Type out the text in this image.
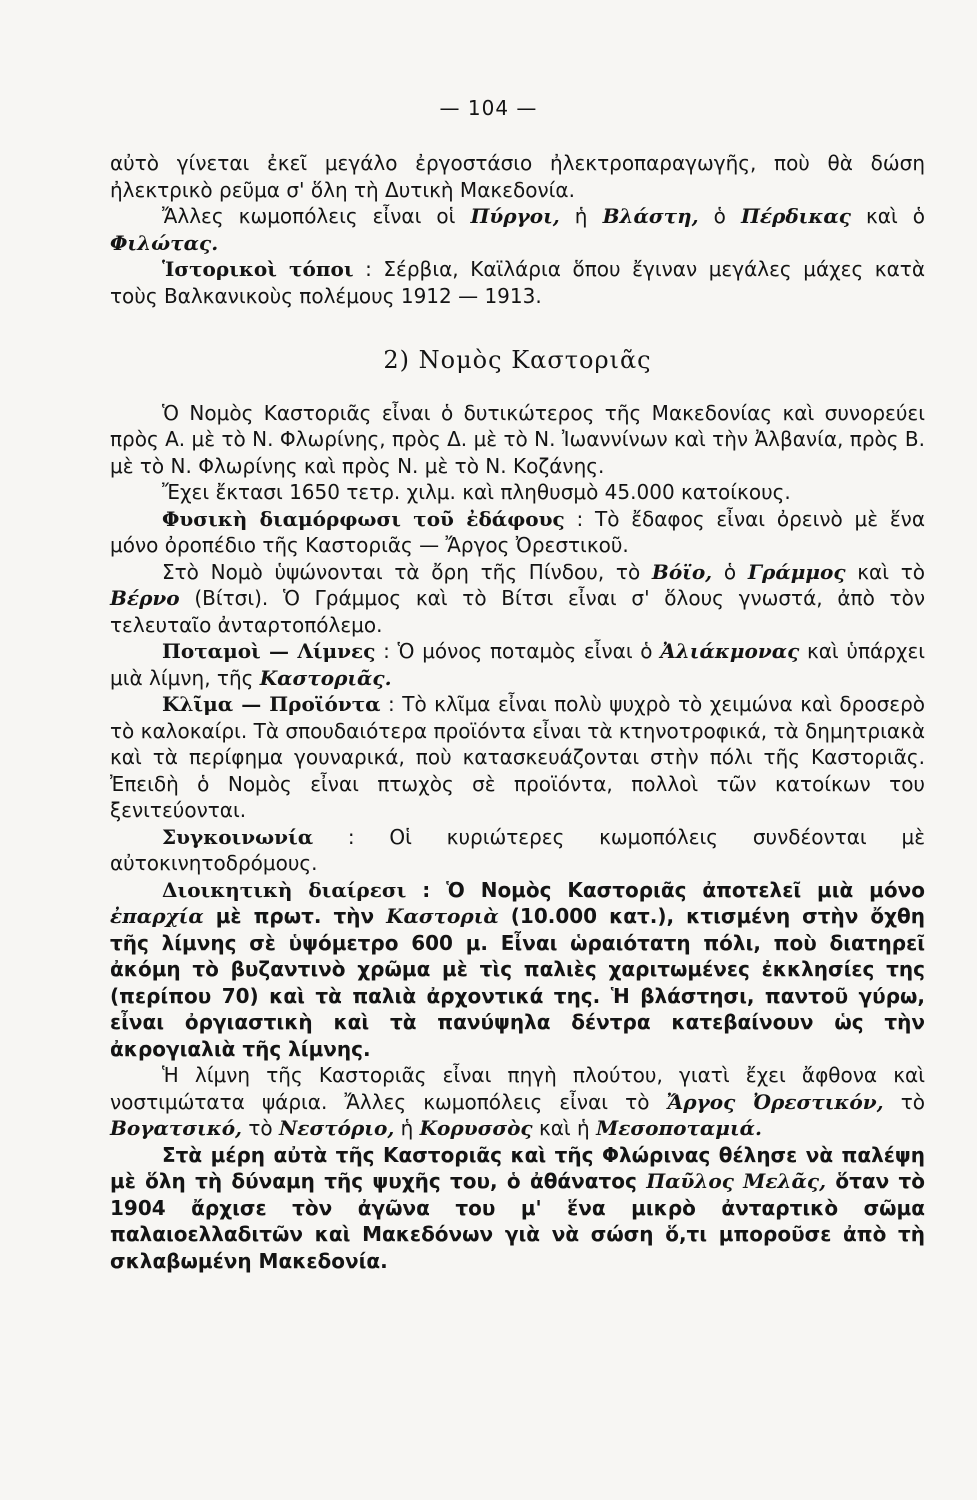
— 104 —

αὐτὸ γίνεται ἐκεῖ μεγάλο ἐργοστάσιο ἠλεκτροπαραγωγῆς, ποὺ θὰ δώση ἠλεκτρικὸ ρεῦμα σ' ὅλη τὴ Δυτικὴ Μακεδονία.

Ἄλλες κωμοπόλεις εἶναι οἱ Πύργοι, ἡ Βλάστη, ὁ Πέρδικας καὶ ὁ Φιλώτας.

Ἱστορικοὶ τόποι : Σέρβια, Καϊλάρια ὅπου ἔγιναν μεγάλες μάχες κατὰ τοὺς Βαλκανικοὺς πολέμους 1912 — 1913.

2) Νομὸς Καστοριᾶς

Ὁ Νομὸς Καστοριᾶς εἶναι ὁ δυτικώτερος τῆς Μακεδονίας καὶ συνορεύει πρὸς Α. μὲ τὸ Ν. Φλωρίνης, πρὸς Δ. μὲ τὸ Ν. Ἰωαννίνων καὶ τὴν Ἀλβανία, πρὸς Β. μὲ τὸ Ν. Φλωρίνης καὶ πρὸς Ν. μὲ τὸ Ν. Κοζάνης.

Ἔχει ἔκτασι 1650 τετρ. χιλμ. καὶ πληθυσμὸ 45.000 κατοίκους.

Φυσικὴ διαμόρφωσι τοῦ ἐδάφους : Τὸ ἔδαφος εἶναι ὀρεινὸ μὲ ἕνα μόνο ὀροπέδιο τῆς Καστοριᾶς — Ἄργος Ὀρεστικοῦ.

Στὸ Νομὸ ὑψώνονται τὰ ὄρη τῆς Πίνδου, τὸ Βόϊο, ὁ Γράμμος καὶ τὸ Βέρνο (Βίτσι). Ὁ Γράμμος καὶ τὸ Βίτσι εἶναι σ' ὅλους γνωστά, ἀπὸ τὸν τελευταῖο ἀνταρτοπόλεμο.

Ποταμοὶ — Λίμνες : Ὁ μόνος ποταμὸς εἶναι ὁ Ἀλιάκμονας καὶ ὑπάρχει μιὰ λίμνη, τῆς Καστοριᾶς.

Κλῖμα — Προϊόντα : Τὸ κλῖμα εἶναι πολὺ ψυχρὸ τὸ χειμώνα καὶ δροσερὸ τὸ καλοκαίρι. Τὰ σπουδαιότερα προϊόντα εἶναι τὰ κτηνοτροφικά, τὰ δημητριακὰ καὶ τὰ περίφημα γουναρικά, ποὺ κατασκευάζονται στὴν πόλι τῆς Καστοριᾶς. Ἐπειδὴ ὁ Νομὸς εἶναι πτωχὸς σὲ προϊόντα, πολλοὶ τῶν κατοίκων του ξενιτεύονται.

Συγκοινωνία : Οἱ κυριώτερες κωμοπόλεις συνδέονται μὲ αὐτοκινητοδρόμους.

Διοικητικὴ διαίρεσι : Ὁ Νομὸς Καστοριᾶς ἀποτελεῖ μιὰ μόνο ἐπαρχία μὲ πρωτ. τὴν Καστοριὰ (10.000 κατ.), κτισμένη στὴν ὄχθη τῆς λίμνης σὲ ὑψόμετρο 600 μ. Εἶναι ὡραιότατη πόλι, ποὺ διατηρεῖ ἀκόμη τὸ βυζαντινὸ χρῶμα μὲ τὶς παλιὲς χαριτωμένες ἐκκλησίες της (περίπου 70) καὶ τὰ παλιὰ ἀρχοντικά της. Ἡ βλάστησι, παντοῦ γύρω, εἶναι ὀργιαστικὴ καὶ τὰ πανύψηλα δέντρα κατεβαίνουν ὡς τὴν ἀκρογιαλιὰ τῆς λίμνης.

Ἡ λίμνη τῆς Καστοριᾶς εἶναι πηγὴ πλούτου, γιατὶ ἔχει ἄφθονα καὶ νοστιμώτατα ψάρια. Ἄλλες κωμοπόλεις εἶναι τὸ Ἄργος Ὀρεστικόν, τὸ Βογατσικό, τὸ Νεστόριο, ἡ Κορυσσὸς καὶ ἡ Μεσοποταμιά.

Στὰ μέρη αὐτὰ τῆς Καστοριᾶς καὶ τῆς Φλώρινας θέλησε νὰ παλέψη μὲ ὅλη τὴ δύναμη τῆς ψυχῆς του, ὁ ἀθάνατος Παῦλος Μελᾶς, ὅταν τὸ 1904 ἄρχισε τὸν ἀγῶνα του μ' ἕνα μικρὸ ἀνταρτικὸ σῶμα παλαιοελλαδιτῶν καὶ Μακεδόνων γιὰ νὰ σώση ὅ,τι μποροῦσε ἀπὸ τὴ σκλαβωμένη Μακεδονία.
